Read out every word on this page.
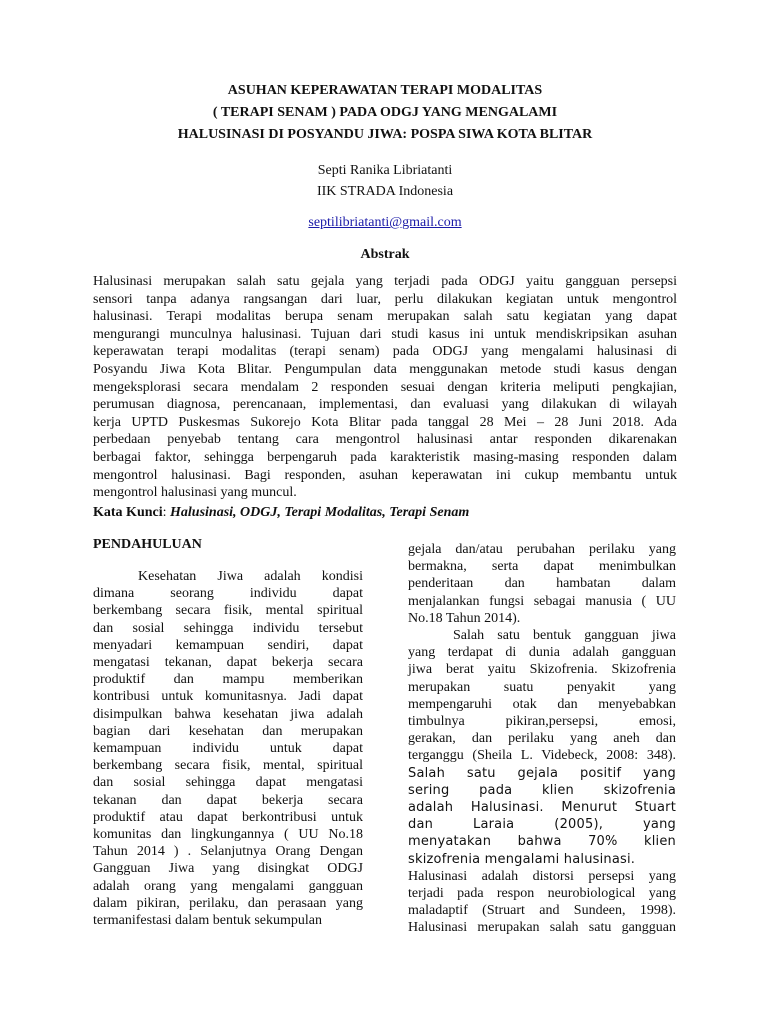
ASUHAN KEPERAWATAN TERAPI MODALITAS
( TERAPI SENAM ) PADA ODGJ YANG MENGALAMI
HALUSINASI DI POSYANDU JIWA: POSPA SIWA KOTA BLITAR
Septi Ranika Libriatanti
IIK STRADA Indonesia
septilibriatanti@gmail.com
Abstrak
Halusinasi merupakan salah satu gejala yang terjadi pada ODGJ yaitu gangguan persepsi
sensori tanpa adanya rangsangan dari luar, perlu dilakukan kegiatan untuk mengontrol
halusinasi. Terapi modalitas berupa senam merupakan salah satu kegiatan yang dapat
mengurangi munculnya halusinasi. Tujuan dari studi kasus ini untuk mendiskripsikan asuhan
keperawatan terapi modalitas (terapi senam) pada ODGJ yang mengalami halusinasi di
Posyandu Jiwa Kota Blitar. Pengumpulan data menggunakan metode studi kasus dengan
mengeksplorasi secara mendalam 2 responden sesuai dengan kriteria meliputi pengkajian,
perumusan diagnosa, perencanaan, implementasi, dan evaluasi yang dilakukan di wilayah
kerja UPTD Puskesmas Sukorejo Kota Blitar pada tanggal 28 Mei – 28 Juni 2018. Ada
perbedaan penyebab tentang cara mengontrol halusinasi antar responden dikarenakan
berbagai faktor, sehingga berpengaruh pada karakteristik masing-masing responden dalam
mengontrol halusinasi. Bagi responden, asuhan keperawatan ini cukup membantu untuk
mengontrol halusinasi yang muncul.
Kata Kunci: Halusinasi, ODGJ, Terapi Modalitas, Terapi Senam
PENDAHULUAN
Kesehatan Jiwa adalah kondisi
dimana seorang individu dapat
berkembang secara fisik, mental spiritual
dan sosial sehingga individu tersebut
menyadari kemampuan sendiri, dapat
mengatasi tekanan, dapat bekerja secara
produktif dan mampu memberikan
kontribusi untuk komunitasnya. Jadi dapat
disimpulkan bahwa kesehatan jiwa adalah
bagian dari kesehatan dan merupakan
kemampuan individu untuk dapat
berkembang secara fisik, mental, spiritual
dan sosial sehingga dapat mengatasi
tekanan dan dapat bekerja secara
produktif atau dapat berkontribusi untuk
komunitas dan lingkungannya ( UU No.18
Tahun 2014 ) . Selanjutnya Orang Dengan
Gangguan Jiwa yang disingkat ODGJ
adalah orang yang mengalami gangguan
dalam pikiran, perilaku, dan perasaan yang
termanifestasi dalam bentuk sekumpulan
gejala dan/atau perubahan perilaku yang
bermakna, serta dapat menimbulkan
penderitaan dan hambatan dalam
menjalankan fungsi sebagai manusia ( UU
No.18 Tahun 2014).
Salah satu bentuk gangguan jiwa
yang terdapat di dunia adalah gangguan
jiwa berat yaitu Skizofrenia. Skizofrenia
merupakan suatu penyakit yang
mempengaruhi otak dan menyebabkan
timbulnya pikiran,persepsi, emosi,
gerakan, dan perilaku yang aneh dan
terganggu (Sheila L. Videbeck, 2008: 348).
Salah satu gejala positif yang
sering pada klien skizofrenia
adalah Halusinasi. Menurut Stuart
dan Laraia (2005), yang
menyatakan bahwa 70% klien
skizofrenia mengalami halusinasi.
Halusinasi adalah distorsi persepsi yang
terjadi pada respon neurobiological yang
maladaptif (Struart and Sundeen, 1998).
Halusinasi merupakan salah satu gangguan
